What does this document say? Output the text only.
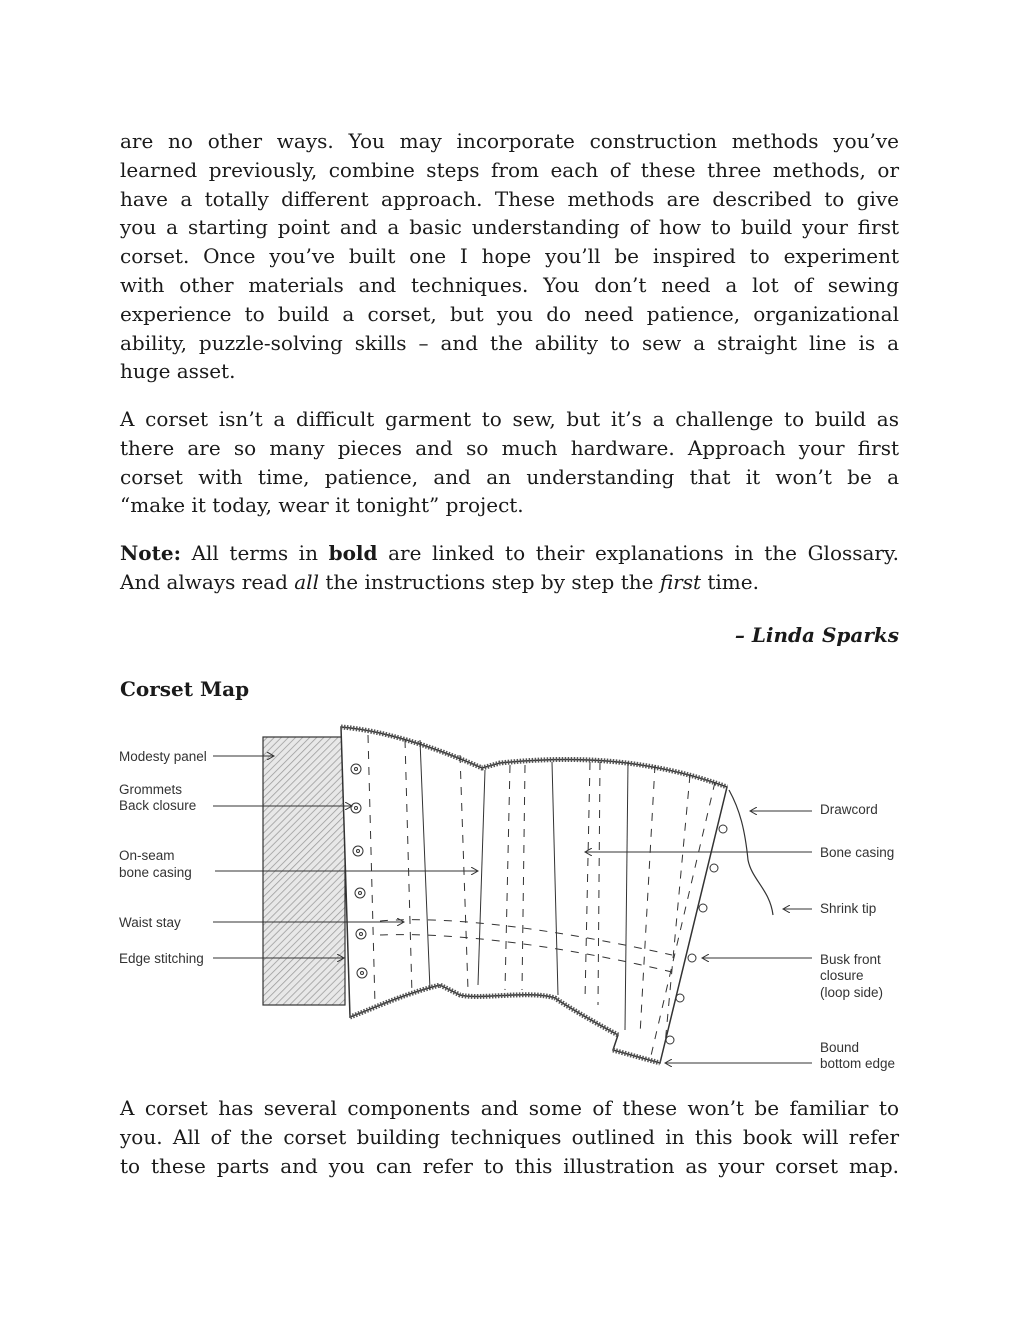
are no other ways. You may incorporate construction methods you’ve
learned previously, combine steps from each of these three methods, or
have a totally different approach. These methods are described to give
you a starting point and a basic understanding of how to build your first
corset. Once you’ve built one I hope you’ll be inspired to experiment
with other materials and techniques. You don’t need a lot of sewing
experience to build a corset, but you do need patience, organizational
ability, puzzle-solving skills – and the ability to sew a straight line is a
huge asset.
A corset isn’t a difficult garment to sew, but it’s a challenge to build as
there are so many pieces and so much hardware. Approach your first
corset with time, patience, and an understanding that it won’t be a
“make it today, wear it tonight” project.
Note: All terms in bold are linked to their explanations in the Glossary.
And always read all the instructions step by step the first time.
– Linda Sparks
Corset Map
Modesty panel
Grommets
Back closure
On-seam
bone casing
Waist stay
Edge stitching
Drawcord
Bone casing
Shrink tip
Busk front
closure
(loop side)
Bound
bottom edge
A corset has several components and some of these won’t be familiar to
you. All of the corset building techniques outlined in this book will refer
to these parts and you can refer to this illustration as your corset map.
